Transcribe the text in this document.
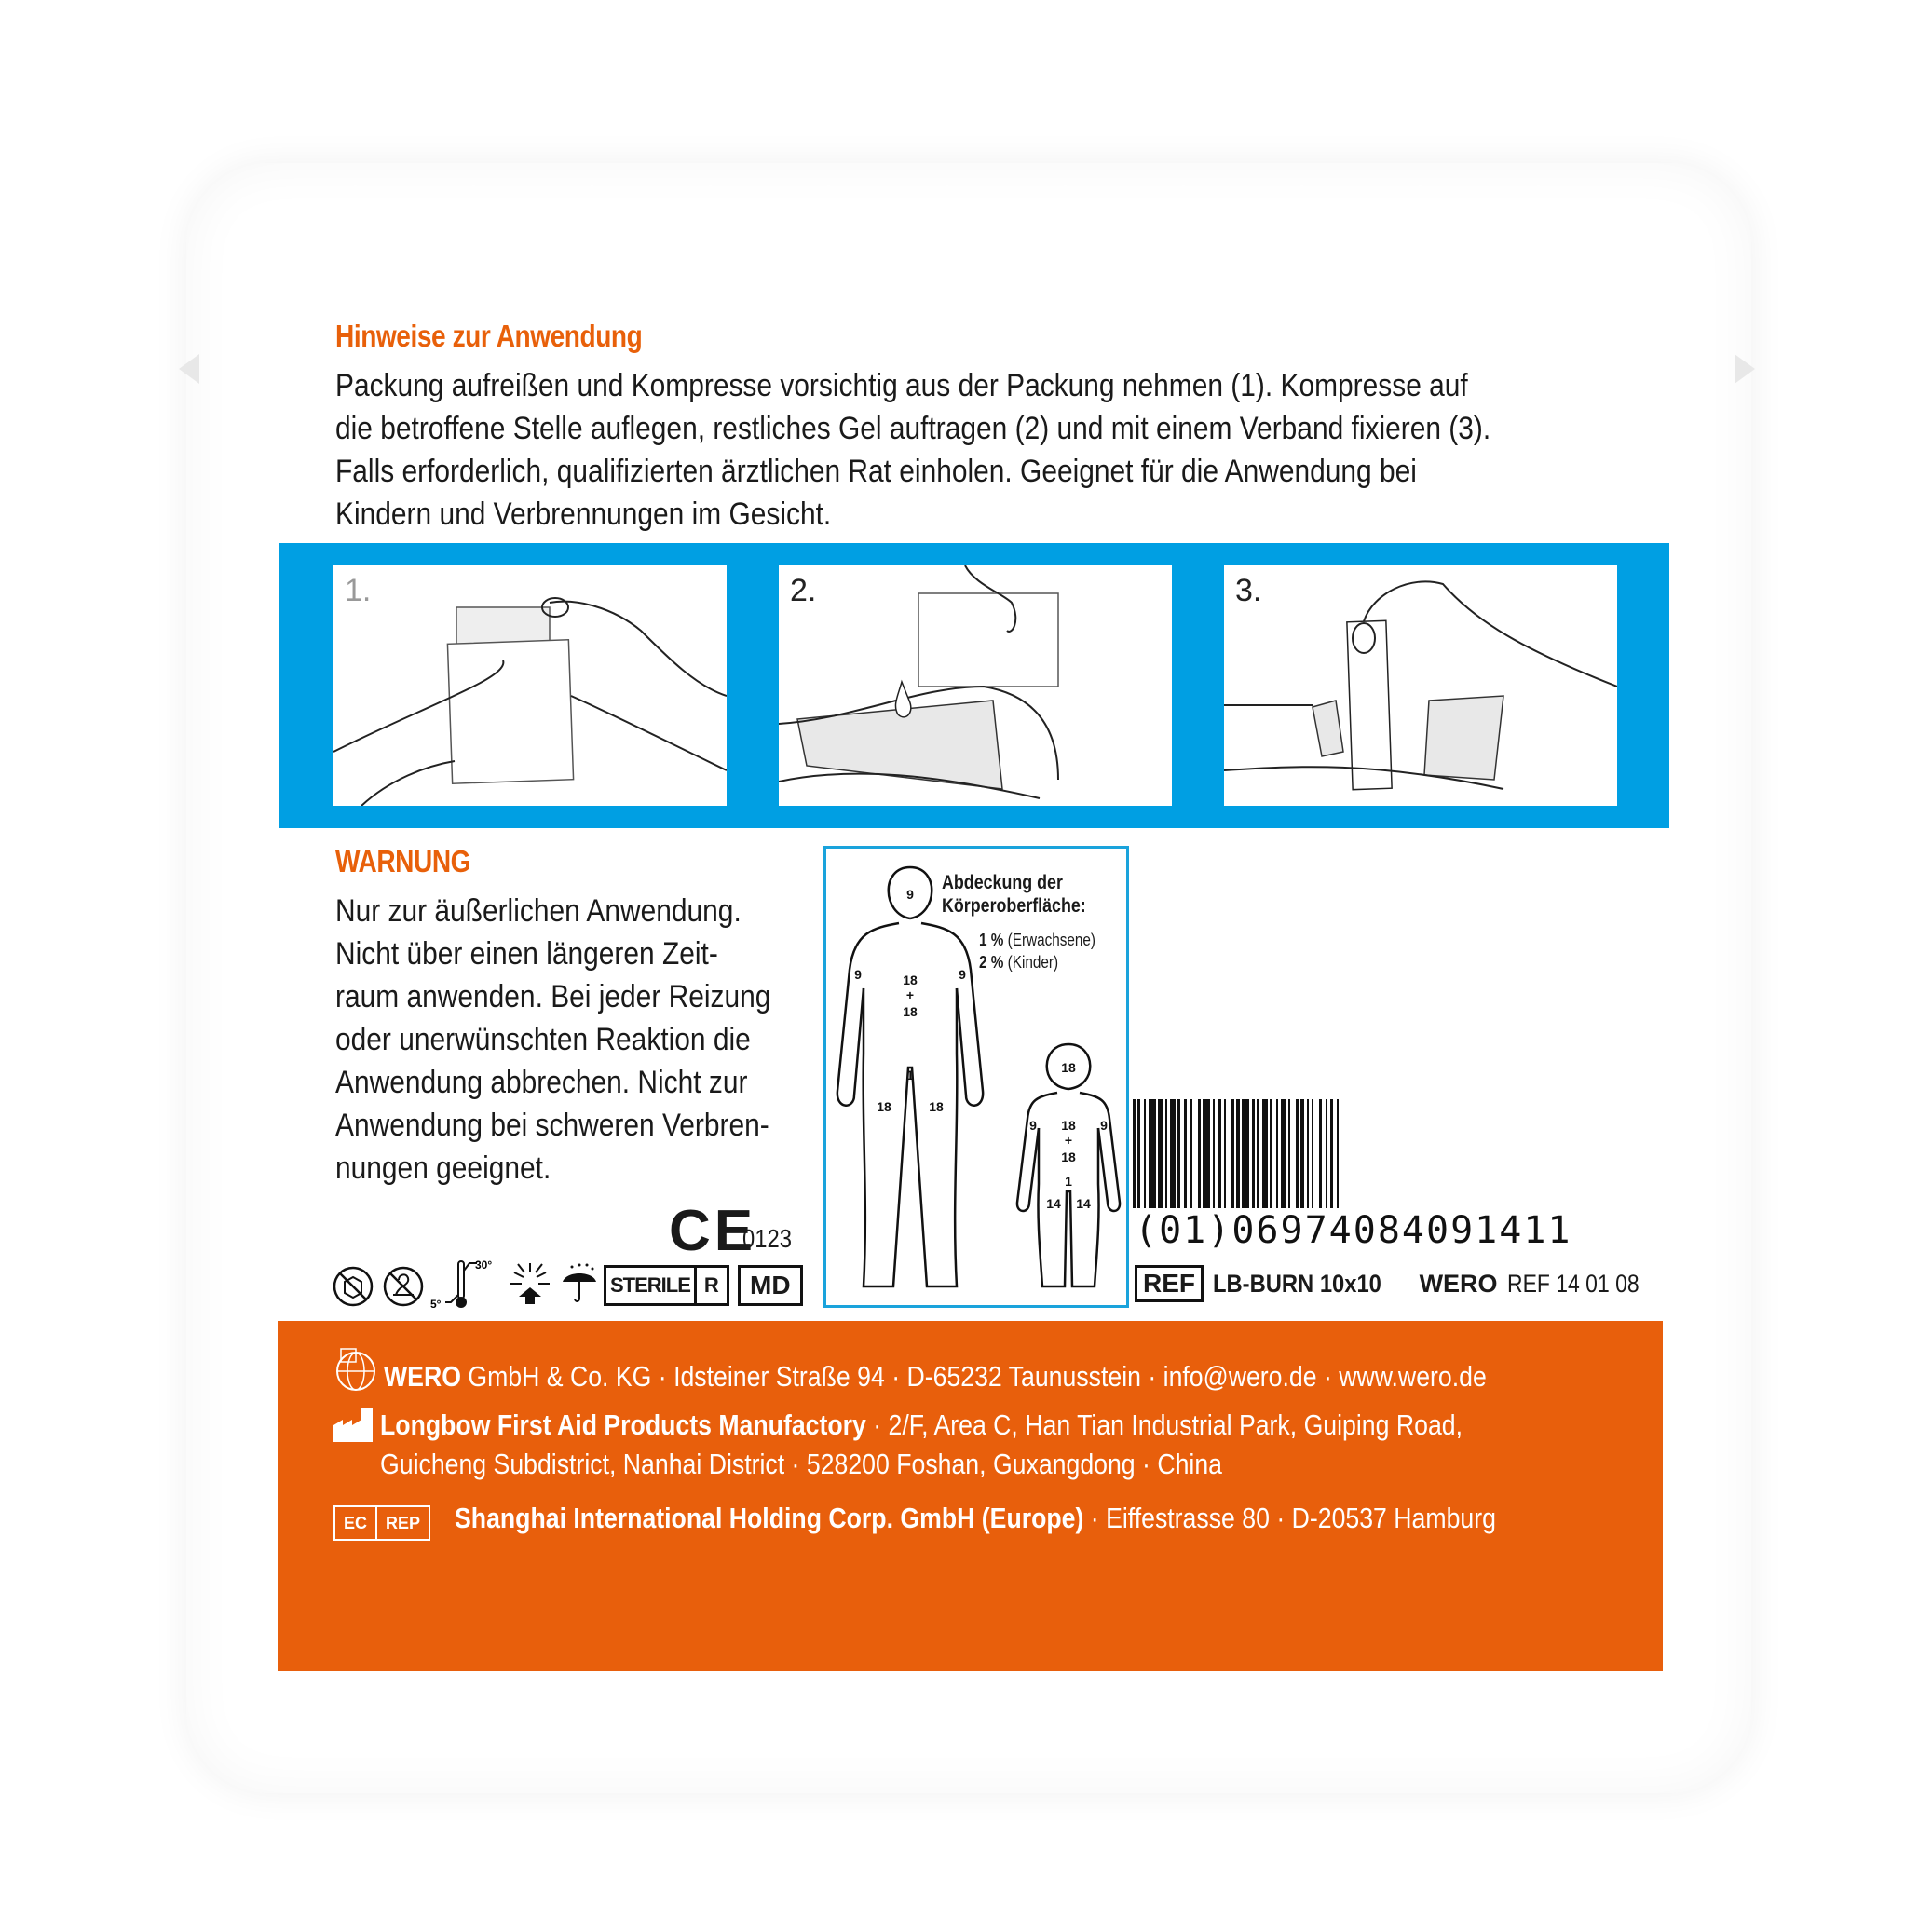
Hinweise zur Anwendung
Packung aufreißen und Kompresse vorsichtig aus der Packung nehmen (1). Kompresse auf
die betroffene Stelle auflegen, restliches Gel auftragen (2) und mit einem Verband fixieren (3).
Falls erforderlich, qualifizierten ärztlichen Rat einholen. Geeignet für die Anwendung bei
Kindern und Verbrennungen im Gesicht.
1.	2.	3.
WARNUNG
Nur zur äußerlichen Anwendung.
Nicht über einen längeren Zeit-
raum anwenden. Bei jeder Reizung
oder unerwünschten Reaktion die
Anwendung abbrechen. Nicht zur
Anwendung bei schweren Verbren-
nungen geeignet.
CE
0123
30°
5°
STERILE R	MD
9
9	9
18
+
18
1
18	18
18
9	9
18
+
18
1
14 14
Abdeckung der
Körperoberfläche:
1 % (Erwachsene)
2 % (Kinder)
(01)06974084091411
REF LB-BURN 10x10 WERO REF 14 01 08
WERO GmbH & Co. KG · Idsteiner Straße 94 · D-65232 Taunusstein · info@wero.de · www.wero.de
Longbow First Aid Products Manufactory · 2/F, Area C, Han Tian Industrial Park, Guiping Road,
Guicheng Subdistrict, Nanhai District · 528200 Foshan, Guxangdong · China
EC	REP Shanghai International Holding Corp. GmbH (Europe) · Eiffestrasse 80 · D-20537 Hamburg
